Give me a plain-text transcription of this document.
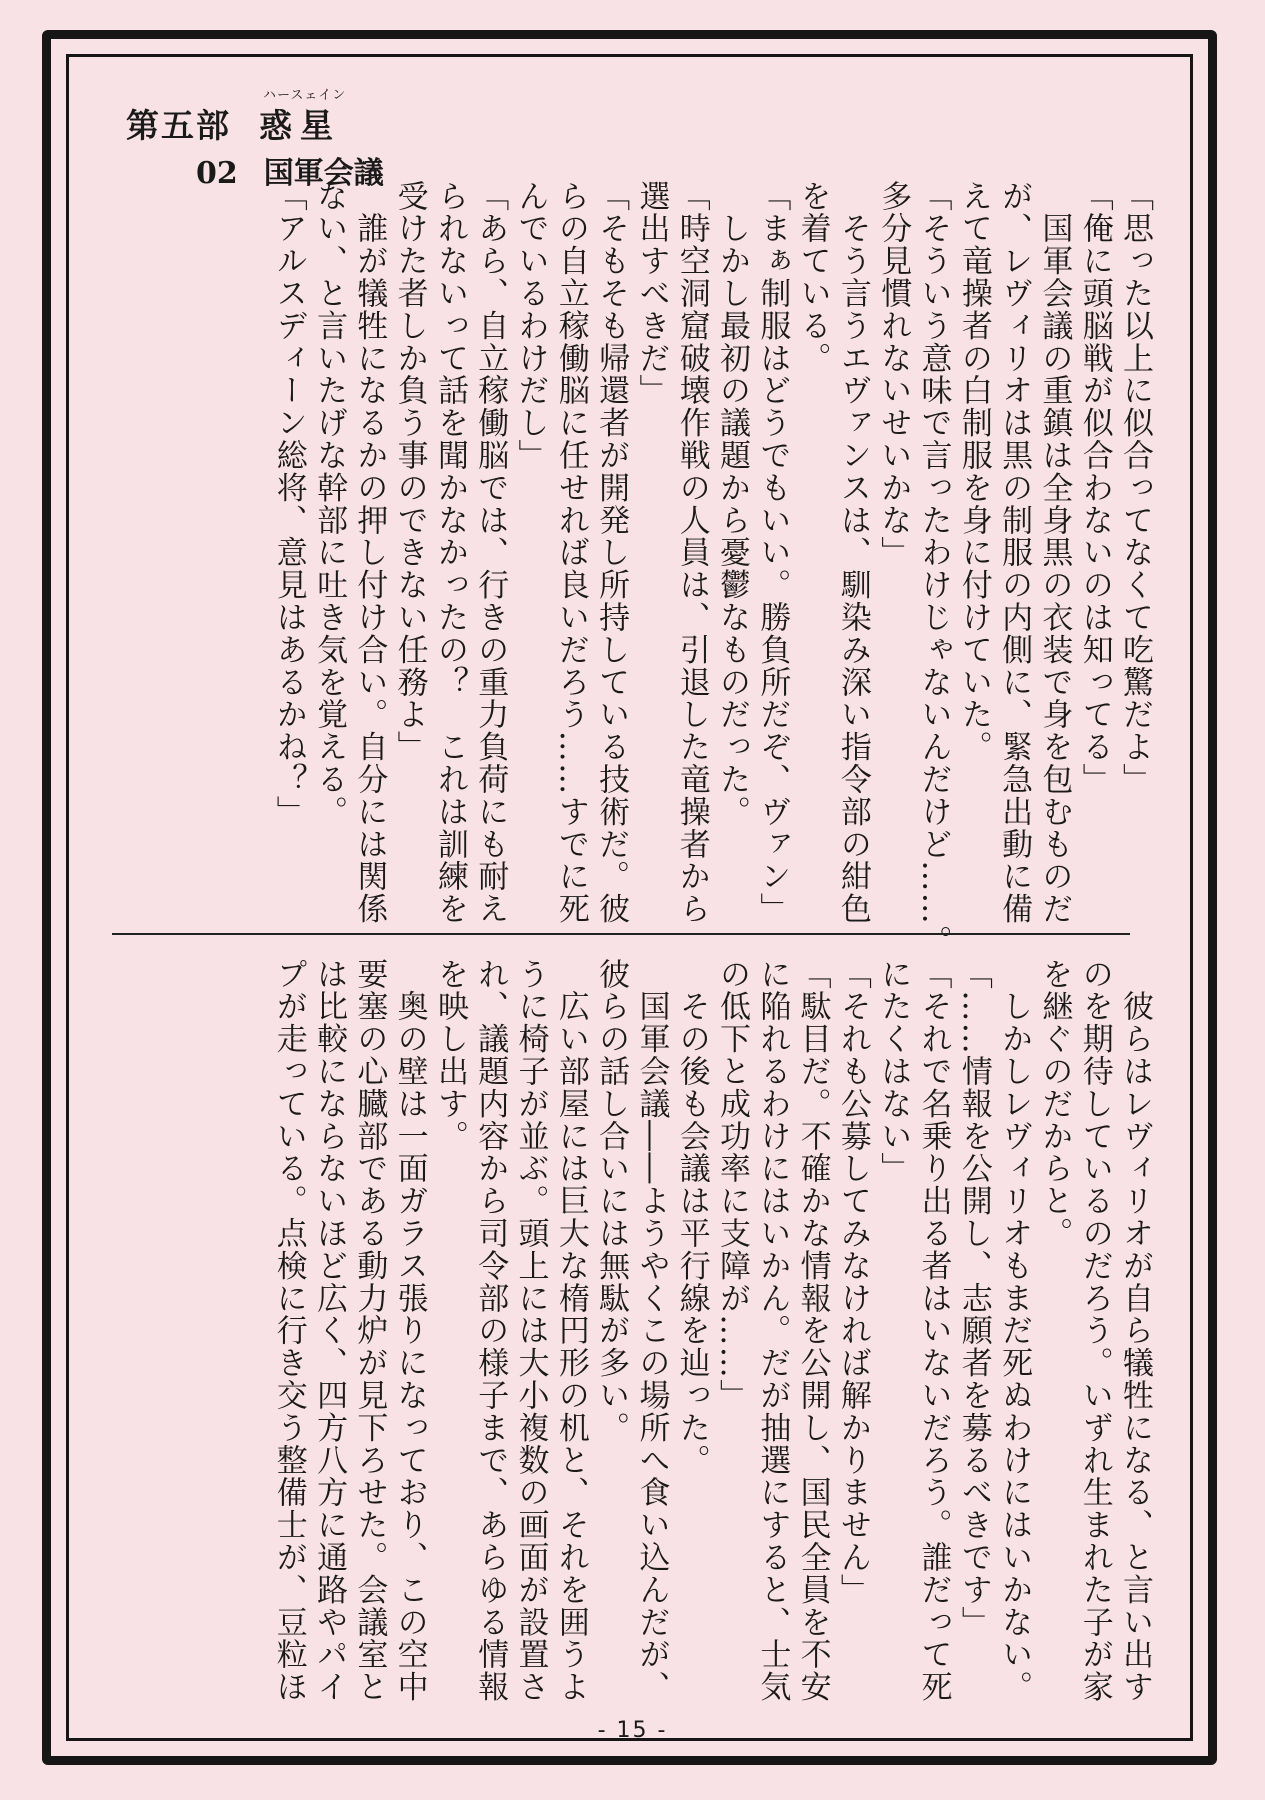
第五部
ハースェイン
惑星
02 国軍会議

「思った以上に似合ってなくて吃驚だよ」

「俺に頭脳戦が似合わないのは知ってる」

　国軍会議の重鎮は全身黒の衣装で身を包むものだ

が、レヴィリオは黒の制服の内側に、緊急出動に備

えて竜操者の白制服を身に付けていた。

「そういう意味で言ったわけじゃないんだけど……。

多分見慣れないせいかな」

　そう言うエヴァンスは、馴染み深い指令部の紺色

を着ている。

「まぁ制服はどうでもいい。勝負所だぞ、ヴァン」

　しかし最初の議題から憂鬱なものだった。

「時空洞窟破壊作戦の人員は、引退した竜操者から

選出すべきだ」

「そもそも帰還者が開発し所持している技術だ。彼

らの自立稼働脳に任せれば良いだろう……すでに死

んでいるわけだし」

「あら、自立稼働脳では、行きの重力負荷にも耐え

られないって話を聞かなかったの？　これは訓練を

受けた者しか負う事のできない任務よ」

　誰が犠牲になるかの押し付け合い。自分には関係

ない、と言いたげな幹部に吐き気を覚える。

「アルスディーン総将、意見はあるかね？」

　彼らはレヴィリオが自ら犠牲になる、と言い出す

のを期待しているのだろう。いずれ生まれた子が家

を継ぐのだからと。

　しかしレヴィリオもまだ死ぬわけにはいかない。

「……情報を公開し、志願者を募るべきです」

「それで名乗り出る者はいないだろう。誰だって死

にたくはない」

「それも公募してみなければ解かりません」

「駄目だ。不確かな情報を公開し、国民全員を不安

に陥れるわけにはいかん。だが抽選にすると、士気

の低下と成功率に支障が……」

　その後も会議は平行線を辿った。

　国軍会議――ようやくこの場所へ食い込んだが、

彼らの話し合いには無駄が多い。

　広い部屋には巨大な楕円形の机と、それを囲うよ

うに椅子が並ぶ。頭上には大小複数の画面が設置さ

れ、議題内容から司令部の様子まで、あらゆる情報

を映し出す。

　奥の壁は一面ガラス張りになっており、この空中

要塞の心臓部である動力炉が見下ろせた。会議室と

は比較にならないほど広く、四方八方に通路やパイ

プが走っている。点検に行き交う整備士が、豆粒ほ

- 15 -
